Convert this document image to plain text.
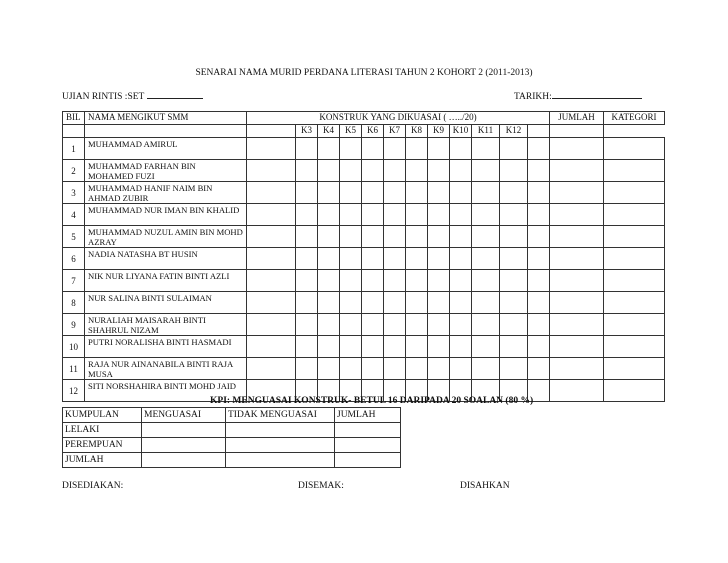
SENARAI NAMA MURID PERDANA LITERASI TAHUN 2 KOHORT 2 (2011-2013)
UJIAN RINTIS :SET	TARIKH:
BIL	NAMA MENGIKUT SMM	KONSTRUK YANG DIKUASAI ( …../20)												JUMLAH	KATEGORI
			K3	K4	K5	K6	K7	K8	K9	K10	K11	K12			
1	MUHAMMAD AMIRUL														
2	MUHAMMAD FARHAN BIN MOHAMED FUZI														
3	MUHAMMAD HANIF NAIM BIN AHMAD ZUBIR														
4	MUHAMMAD NUR IMAN BIN KHALID														
5	MUHAMMAD NUZUL AMIN BIN MOHD AZRAY														
6	NADIA NATASHA BT HUSIN														
7	NIK NUR LIYANA FATIN BINTI AZLI														
8	NUR SALINA BINTI SULAIMAN														
9	NURALIAH MAISARAH BINTI SHAHRUL NIZAM														
10	PUTRI NORALISHA BINTI HASMADI														
11	RAJA NUR AINANABILA BINTI RAJA MUSA														
12	SITI NORSHAHIRA BINTI MOHD JAID														
KPI: MENGUASAI KONSTRUK- BETUL 16 DARIPADA 20 SOALAN (80 %)
KUMPULAN	MENGUASAI	TIDAK MENGUASAI	JUMLAH
LELAKI			
PEREMPUAN			
JUMLAH			
DISEDIAKAN:	DISEMAK:	DISAHKAN
